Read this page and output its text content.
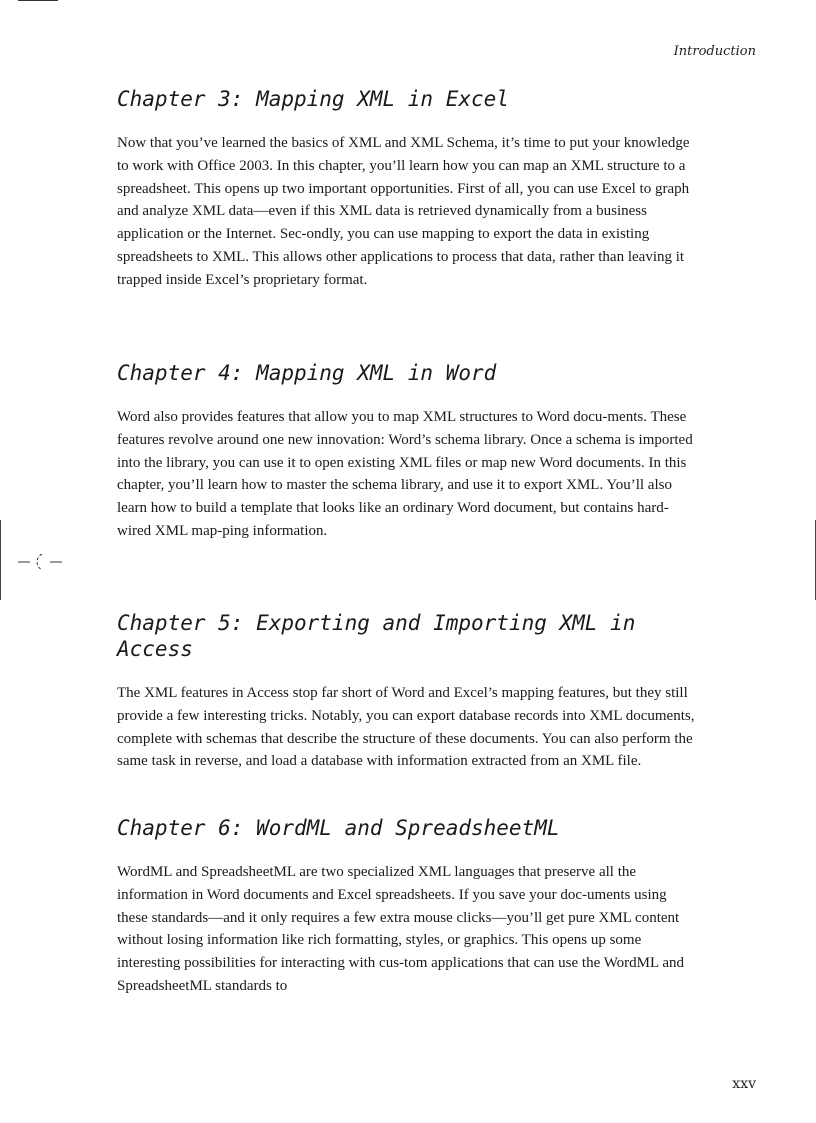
Introduction
Chapter 3: Mapping XML in Excel

Now that you’ve learned the basics of XML and XML Schema, it’s time to put your knowledge to work with Office 2003. In this chapter, you’ll learn how you can map an XML structure to a spreadsheet. This opens up two important opportunities. First of all, you can use Excel to graph and analyze XML data—even if this XML data is retrieved dynamically from a business application or the Internet. Sec-ondly, you can use mapping to export the data in existing spreadsheets to XML. This allows other applications to process that data, rather than leaving it trapped inside Excel’s proprietary format.

Chapter 4: Mapping XML in Word

Word also provides features that allow you to map XML structures to Word docu-ments. These features revolve around one new innovation: Word’s schema library. Once a schema is imported into the library, you can use it to open existing XML files or map new Word documents. In this chapter, you’ll learn how to master the schema library, and use it to export XML. You’ll also learn how to build a template that looks like an ordinary Word document, but contains hard-wired XML map-ping information.

Chapter 5: Exporting and Importing XML in Access

The XML features in Access stop far short of Word and Excel’s mapping features, but they still provide a few interesting tricks. Notably, you can export database records into XML documents, complete with schemas that describe the structure of these documents. You can also perform the same task in reverse, and load a database with information extracted from an XML file.

Chapter 6: WordML and SpreadsheetML

WordML and SpreadsheetML are two specialized XML languages that preserve all the information in Word documents and Excel spreadsheets. If you save your doc-uments using these standards—and it only requires a few extra mouse clicks—you’ll get pure XML content without losing information like rich formatting, styles, or graphics. This opens up some interesting possibilities for interacting with cus-tom applications that can use the WordML and SpreadsheetML standards to

xxv
